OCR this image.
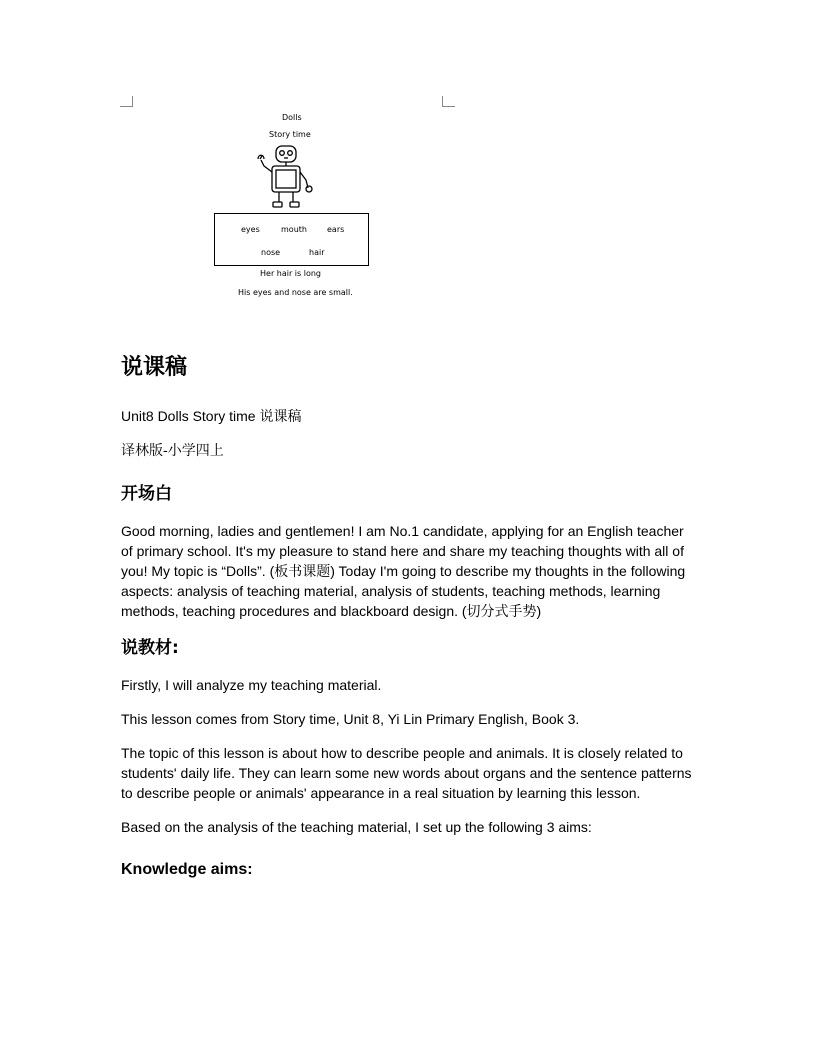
Dolls
Story time
eyes	mouth	ears
nose	hair
Her hair is long
His eyes and nose are small.
说课稿

Unit8 Dolls Story time 说课稿

译林版-小学四上

开场白

Good morning, ladies and gentlemen! I am No.1 candidate, applying for an English teacher of primary school. It's my pleasure to stand here and share my teaching thoughts with all of you! My topic is “Dolls”. (板书课题) Today I'm going to describe my thoughts in the following aspects: analysis of teaching material, analysis of students, teaching methods, learning methods, teaching procedures and blackboard design. (切分式手势)

说教材:

Firstly, I will analyze my teaching material.

This lesson comes from Story time, Unit 8, Yi Lin Primary English, Book 3.

The topic of this lesson is about how to describe people and animals. It is closely related to students' daily life. They can learn some new words about organs and the sentence patterns to describe people or animals' appearance in a real situation by learning this lesson.

Based on the analysis of the teaching material, I set up the following 3 aims:

Knowledge aims:
